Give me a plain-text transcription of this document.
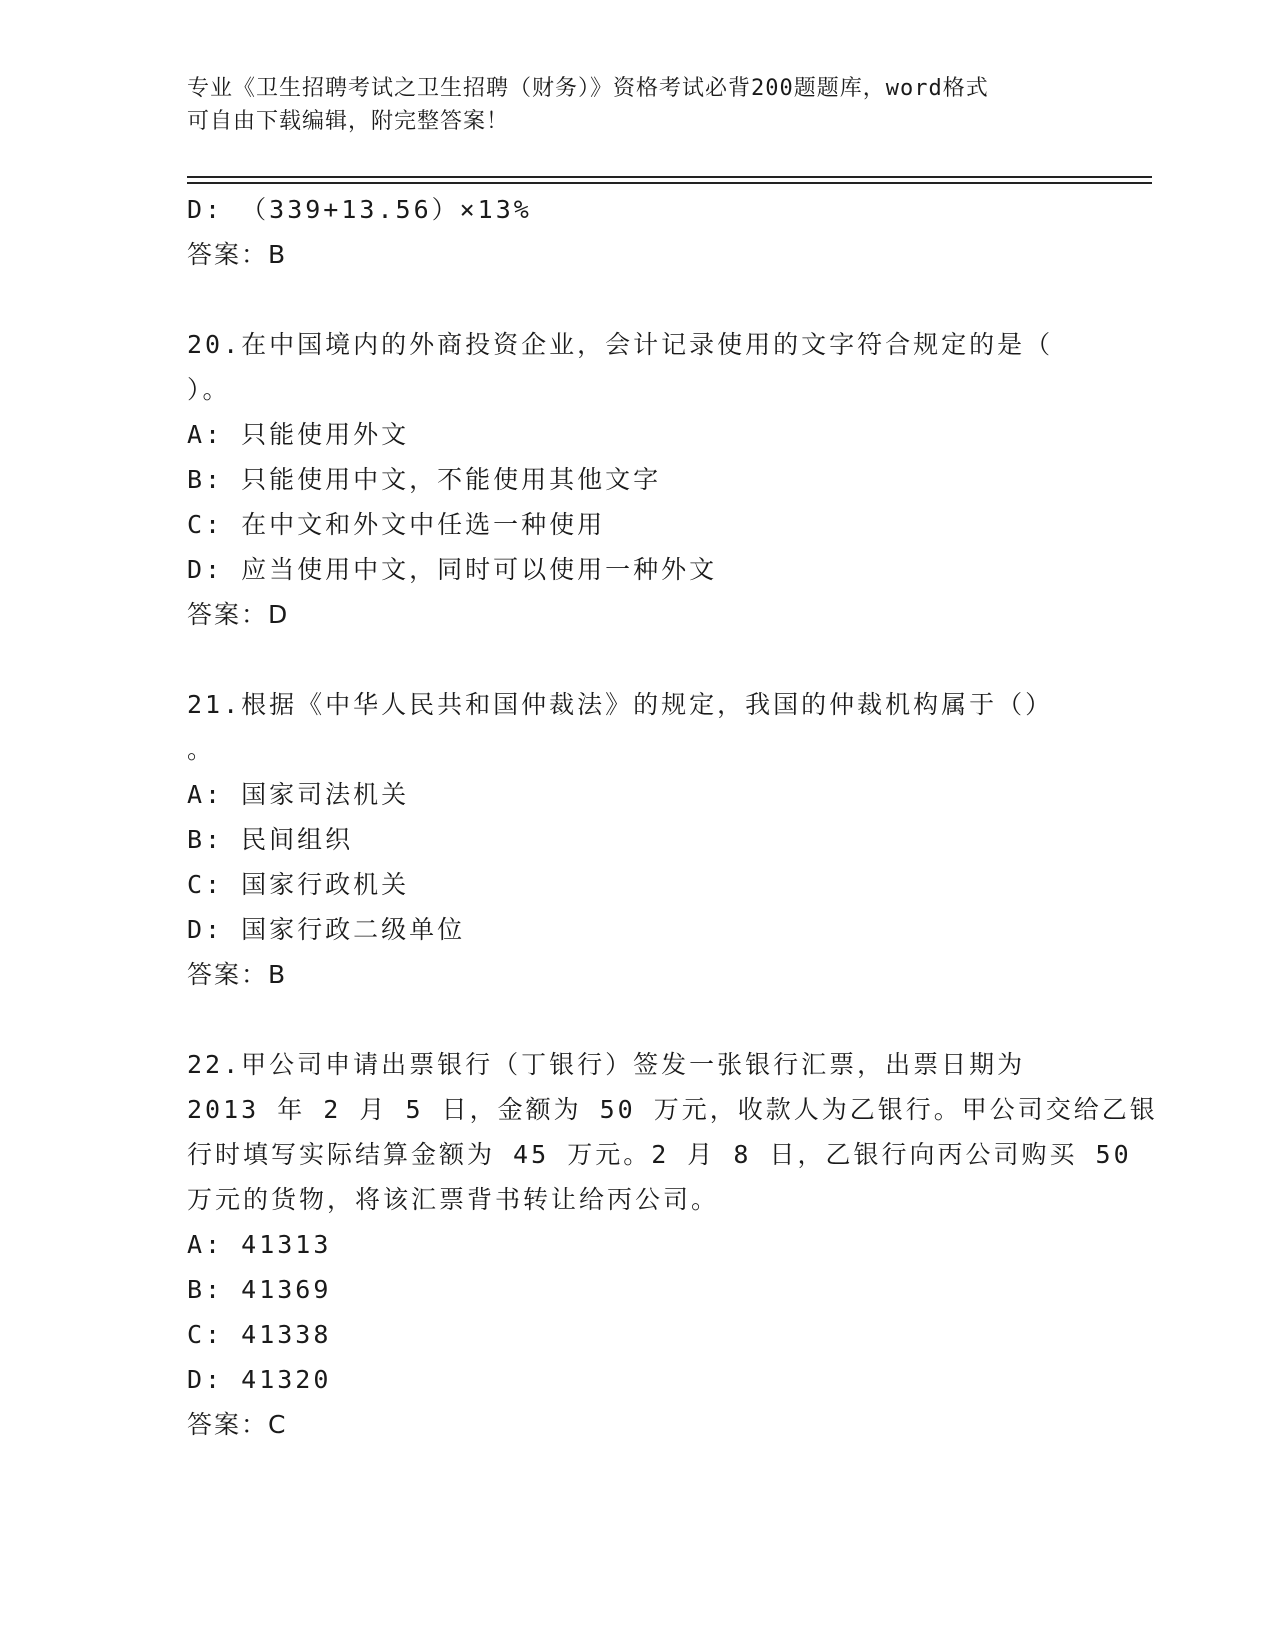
专业《卫生招聘考试之卫生招聘（财务）》资格考试必背200题题库，word格式
可自由下载编辑，附完整答案！
D: （339+13.56）×13%
答案：B
20.在中国境内的外商投资企业，会计记录使用的文字符合规定的是（
）。
A: 只能使用外文
B: 只能使用中文，不能使用其他文字
C: 在中文和外文中任选一种使用
D: 应当使用中文，同时可以使用一种外文
答案：D
21.根据《中华人民共和国仲裁法》的规定，我国的仲裁机构属于（）
。
A: 国家司法机关
B: 民间组织
C: 国家行政机关
D: 国家行政二级单位
答案：B
22.甲公司申请出票银行（丁银行）签发一张银行汇票，出票日期为
2013 年 2 月 5 日，金额为 50 万元，收款人为乙银行。甲公司交给乙银
行时填写实际结算金额为 45 万元。2 月 8 日，乙银行向丙公司购买 50
万元的货物，将该汇票背书转让给丙公司。
A: 41313
B: 41369
C: 41338
D: 41320
答案：C
